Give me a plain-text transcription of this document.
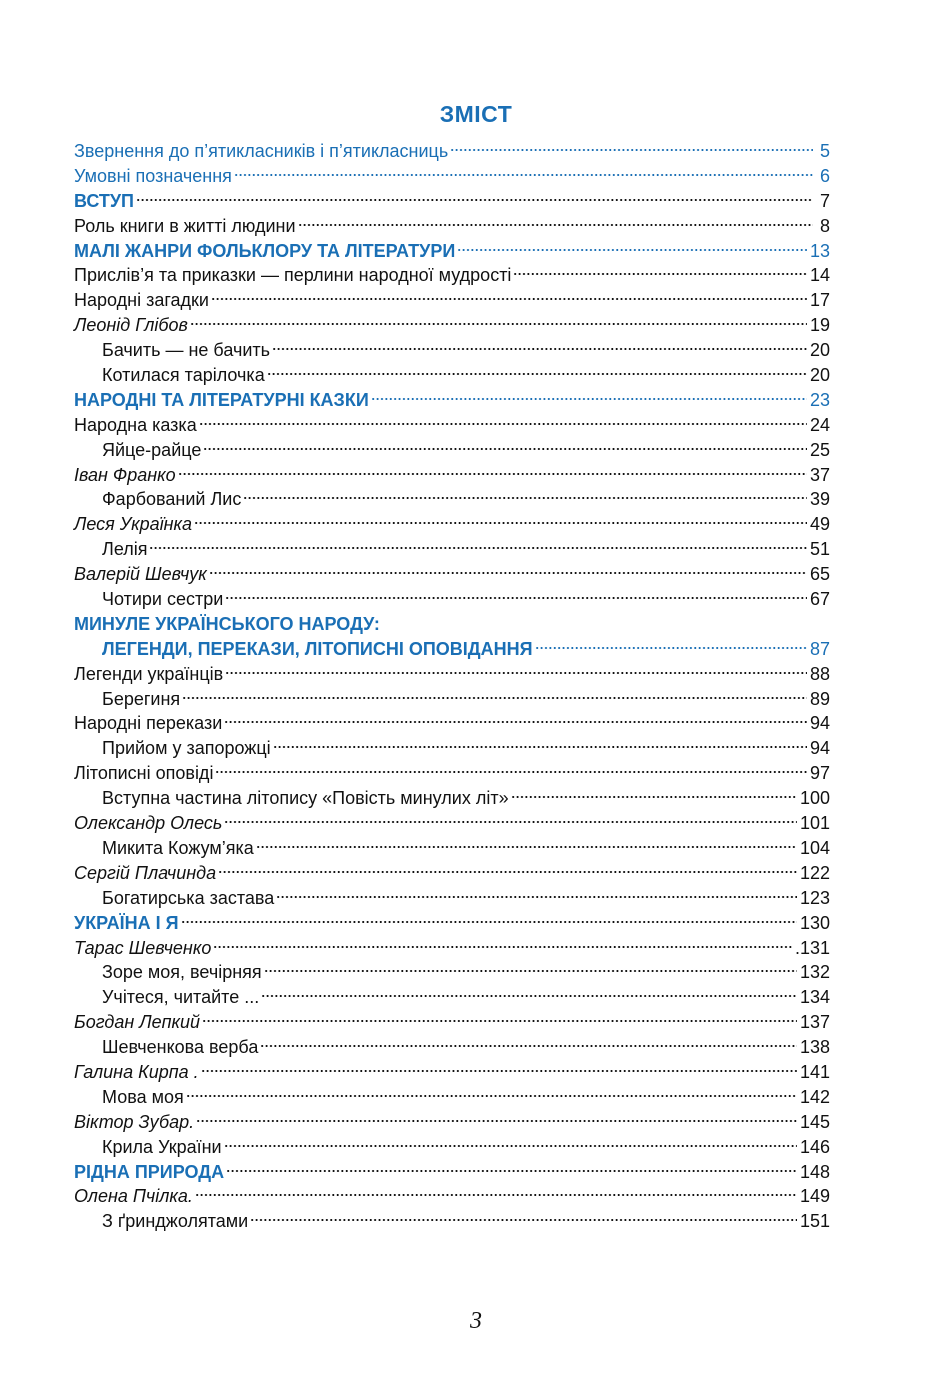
ЗМІСТ
Звернення до п’ятикласників і п’ятикласниць	5
Умовні позначення	6
ВСТУП	7
Роль книги в житті людини	8
МАЛІ ЖАНРИ ФОЛЬКЛОРУ ТА ЛІТЕРАТУРИ	13
Прислів’я та приказки — перлини народної мудрості	14
Народні загадки	17
Леонід Глібов	19
Бачить — не бачить	20
Котилася тарілочка	20
НАРОДНІ ТА ЛІТЕРАТУРНІ КАЗКИ	23
Народна казка	24
Яйце-райце	25
Іван Франко	37
Фарбований Лис	39
Леся Українка	49
Лелія	51
Валерій Шевчук	65
Чотири сестри	67
МИНУЛЕ УКРАЇНСЬКОГО НАРОДУ:
ЛЕГЕНДИ, ПЕРЕКАЗИ, ЛІТОПИСНІ ОПОВІДАННЯ	87
Легенди українців	88
Берегиня	89
Народні перекази	94
Прийом у запорожці	94
Літописні оповіді	97
Вступна частина літопису «Повість минулих літ»	100
Олександр Олесь	101
Микита Кожум’яка	104
Сергій Плачинда	122
Богатирська застава	123
УКРАЇНА І Я	130
Тарас Шевченко	.131
Зоре моя, вечірняя	132
Учітеся, читайте ...	134
Богдан Лепкий	137
Шевченкова верба	138
Галина Кирпа .	141
Мова моя	142
Віктор Зубар.	145
Крила України	146
РІДНА ПРИРОДА	148
Олена Пчілка.	149
З ґринджолятами	151
3
